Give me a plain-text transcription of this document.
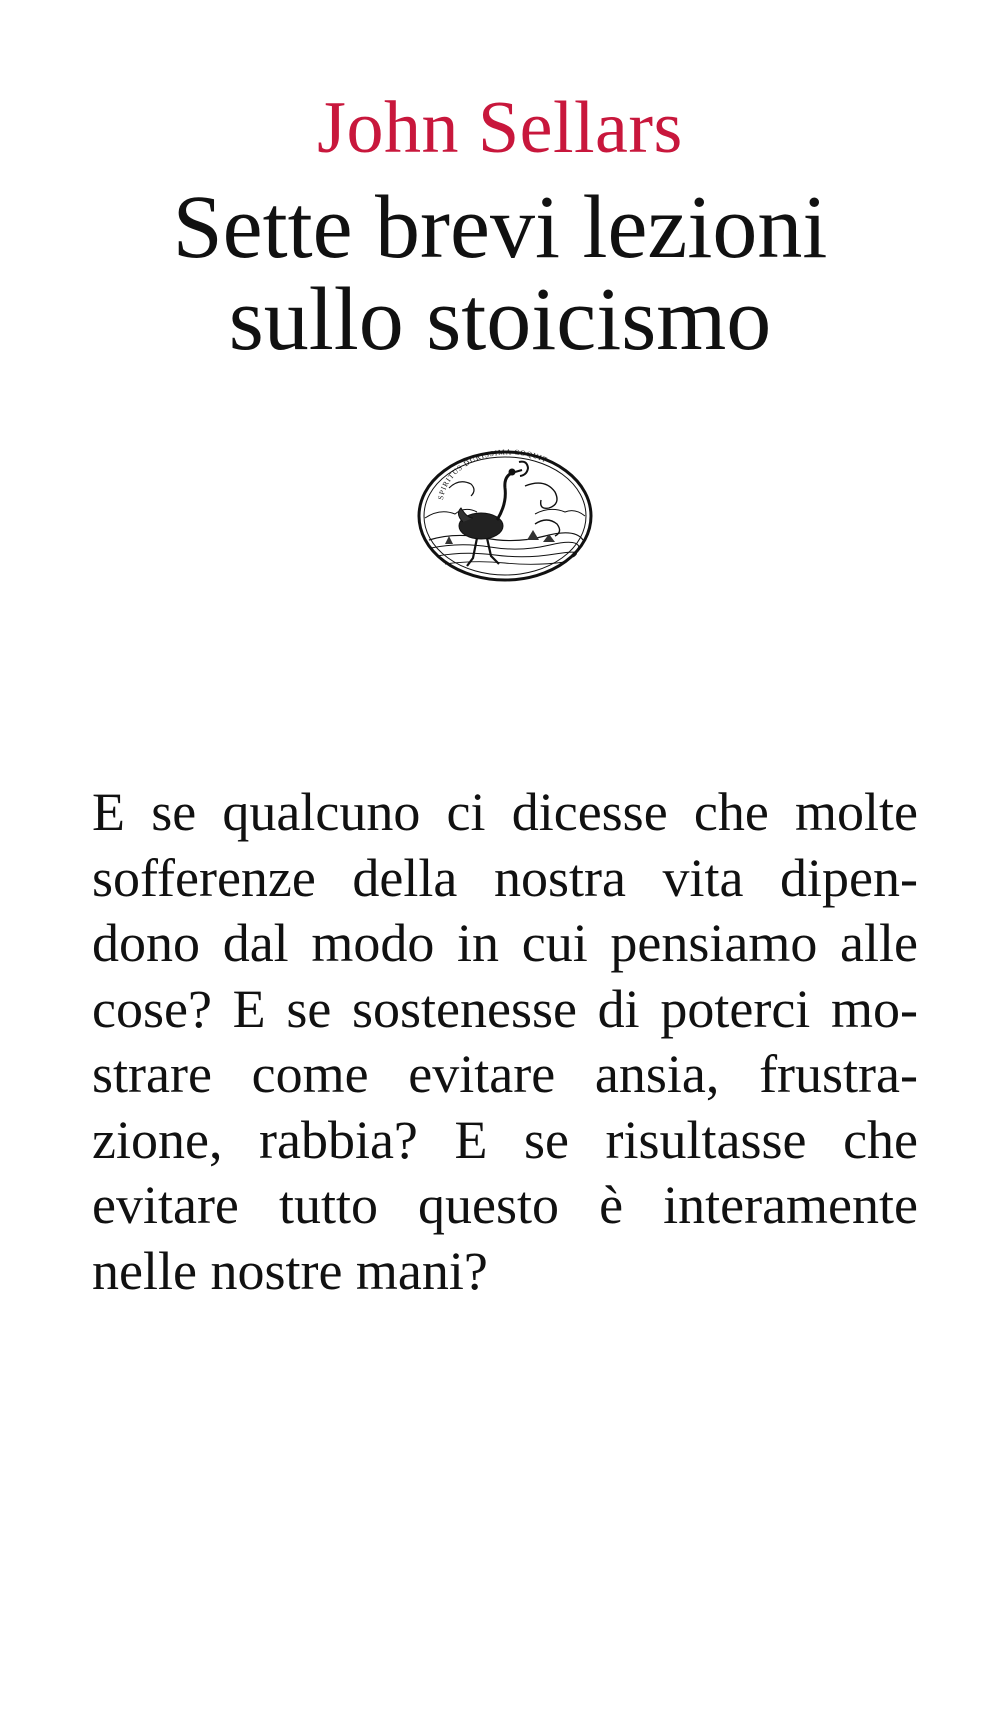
John Sellars
Sette brevi lezioni
sullo stoicismo
SPIRITUS DURISSIMA COQUIT
E se qualcuno ci dicesse che molte
sofferenze della nostra vita dipen-
dono dal modo in cui pensiamo alle
cose? E se sostenesse di poterci mo-
strare come evitare ansia, frustra-
zione, rabbia? E se risultasse che
evitare tutto questo è interamente
nelle nostre mani?
